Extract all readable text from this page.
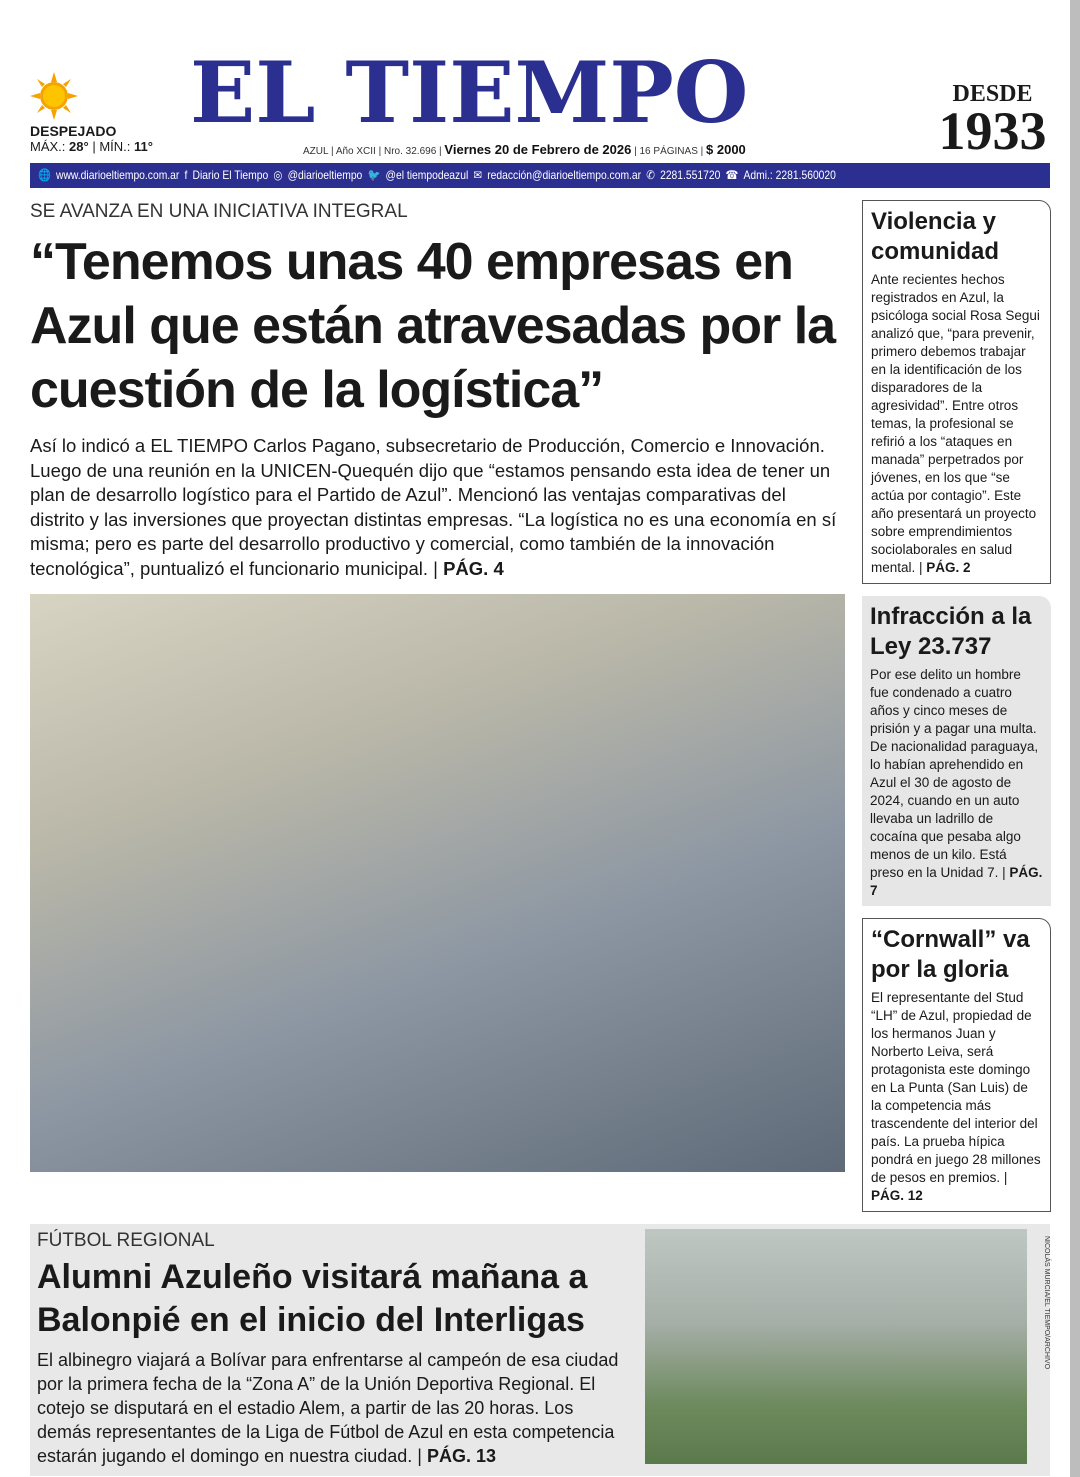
DESPEJADO
MÁX.: 28° | MÍN.: 11°
EL TIEMPO	DESDE
1933
AZUL | Año XCII | Nro. 32.696 | Viernes 20 de Febrero de 2026 | 16 PÁGINAS | $ 2000
🌐 www.diarioeltiempo.com.ar f Diario El Tiempo ◎ @diarioeltiempo 🐦 @el tiempodeazul ✉ redacción@diarioeltiempo.com.ar ✆ 2281.551720 ☎ Admi.: 2281.560020
SE AVANZA EN UNA INICIATIVA INTEGRAL
“Tenemos unas 40 empresas en Azul que están atravesadas por la cuestión de la logística”

Así lo indicó a EL TIEMPO Carlos Pagano, subsecretario de Producción, Comercio e Innovación. Luego de una reunión en la UNICEN-Quequén dijo que “estamos pensando esta idea de tener un plan de desarrollo logístico para el Partido de Azul”. Mencionó las ventajas comparativas del distrito y las inversiones que proyectan distintas empresas. “La logística no es una economía en sí misma; pero es parte del desarrollo productivo y comercial, como también de la innovación tecnológica”, puntualizó el funcionario municipal. | PÁG. 4

Violencia y comunidad

Ante recientes hechos registrados en Azul, la psicóloga social Rosa Segui analizó que, “para prevenir, primero debemos trabajar en la identificación de los disparadores de la agresividad”. Entre otros temas, la profesional se refirió a los “ataques en manada” perpetrados por jóvenes, en los que “se actúa por contagio”. Este año presentará un proyecto sobre emprendimientos sociolaborales en salud mental. | PÁG. 2

Infracción a la Ley 23.737

Por ese delito un hombre fue condenado a cuatro años y cinco meses de prisión y a pagar una multa. De nacionalidad paraguaya, lo habían aprehendido en Azul el 30 de agosto de 2024, cuando en un auto llevaba un ladrillo de cocaína que pesaba algo menos de un kilo. Está preso en la Unidad 7. | PÁG. 7

“Cornwall” va por la gloria

El representante del Stud “LH” de Azul, propiedad de los hermanos Juan y Norberto Leiva, será protagonista este domingo en La Punta (San Luis) de la competencia más trascendente del interior del país. La prueba hípica pondrá en juego 28 millones de pesos en premios. | PÁG. 12

FÚTBOL REGIONAL
Alumni Azuleño visitará mañana a Balonpié en el inicio del Interligas

El albinegro viajará a Bolívar para enfrentarse al campeón de esa ciudad por la primera fecha de la “Zona A” de la Unión Deportiva Regional. El cotejo se disputará en el estadio Alem, a partir de las 20 horas. Los demás representantes de la Liga de Fútbol de Azul en esta competencia estarán jugando el domingo en nuestra ciudad. | PÁG. 13

NICOLÁS MURCIA/EL TIEMPO/ARCHIVO
